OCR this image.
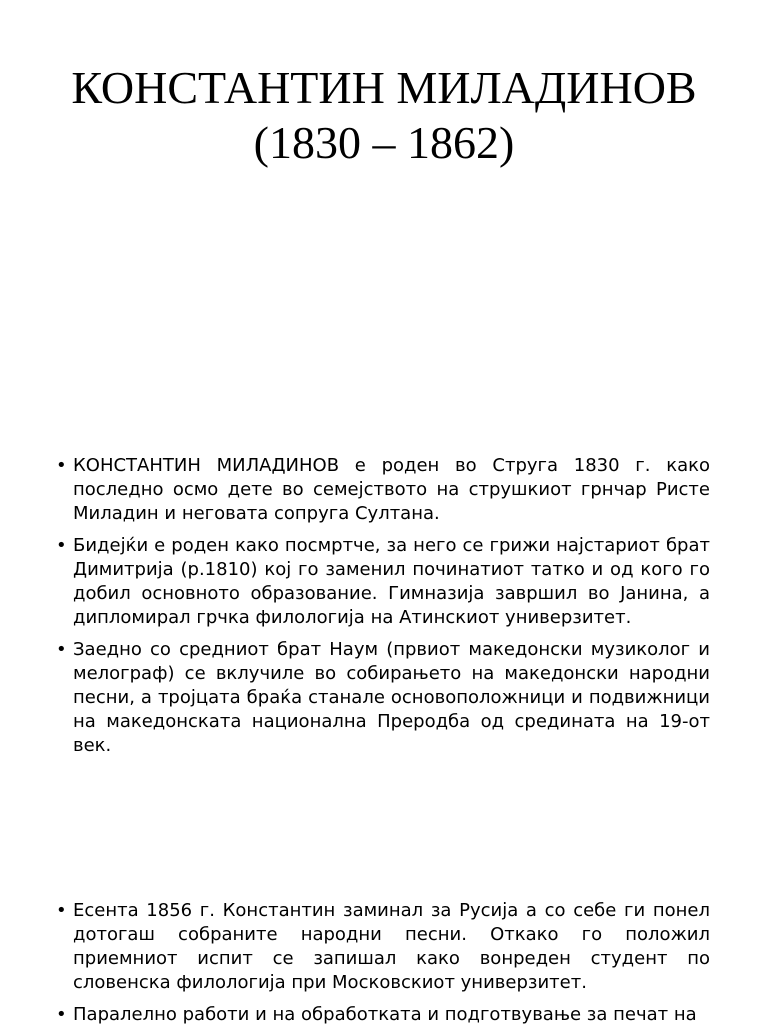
КОНСТАНТИН МИЛАДИНОВ (1830 – 1862)
• КОНСТАНТИН МИЛАДИНОВ е роден во Струга 1830 г. како последно осмо дете во семејството на струшкиот грнчар Ристе Миладин и неговата сопруга Султана.
• Бидејќи е роден како посмртче, за него се грижи најстариот брат Димитрија (р.1810) кој го заменил починатиот татко и од кого го добил основното образование. Гимназија завршил во Јанина, а дипломирал грчка филологија на Атинскиот универзитет.
• Заедно со средниот брат Наум (првиот македонски музиколог и мелограф) се вклучиле во собирањето на македонски народни песни, а тројцата браќа станале основоположници и подвижници на македонската национална Преродба од средината на 19-от век.
• Есента 1856 г. Константин заминал за Русија а со себе ги понел дотогаш собраните народни песни. Откако го положил приемниот испит се запишал како вонреден студент по словенска филологија при Московскиот универзитет.
• Паралелно работи и на обработката и подготвување за печат на
